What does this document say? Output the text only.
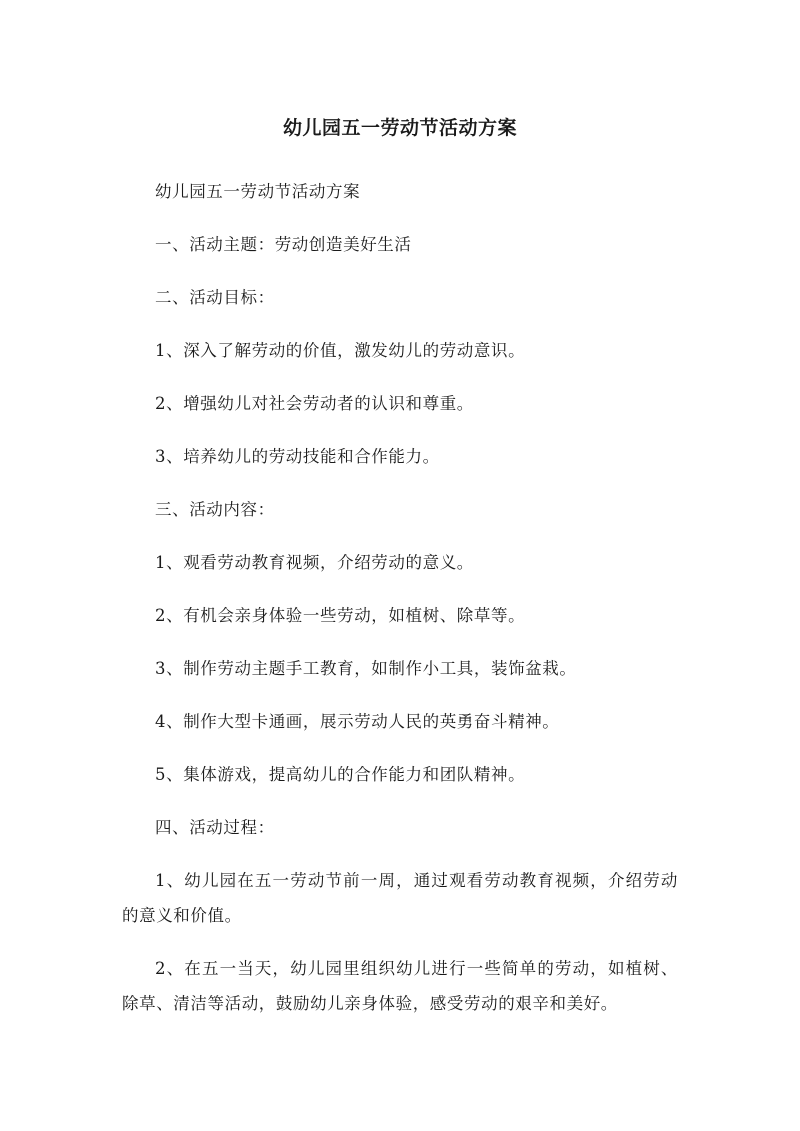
幼儿园五一劳动节活动方案

幼儿园五一劳动节活动方案

一、活动主题：劳动创造美好生活

二、活动目标：

1、深入了解劳动的价值，激发幼儿的劳动意识。

2、增强幼儿对社会劳动者的认识和尊重。

3、培养幼儿的劳动技能和合作能力。

三、活动内容：

1、观看劳动教育视频，介绍劳动的意义。

2、有机会亲身体验一些劳动，如植树、除草等。

3、制作劳动主题手工教育，如制作小工具，装饰盆栽。

4、制作大型卡通画，展示劳动人民的英勇奋斗精神。

5、集体游戏，提高幼儿的合作能力和团队精神。

四、活动过程：

1、幼儿园在五一劳动节前一周，通过观看劳动教育视频，介绍劳动的意义和价值。

2、在五一当天，幼儿园里组织幼儿进行一些简单的劳动，如植树、除草、清洁等活动，鼓励幼儿亲身体验，感受劳动的艰辛和美好。
